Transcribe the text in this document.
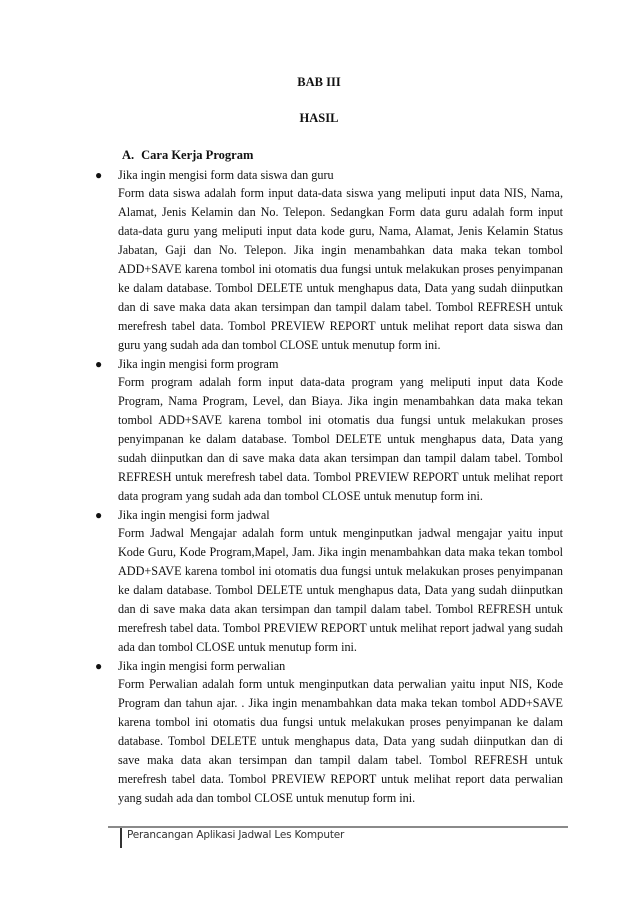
BAB III
HASIL
A. Cara Kerja Program
● Jika ingin mengisi form data siswa dan guru
Form data siswa adalah form input data-data siswa yang meliputi input data NIS, Nama, Alamat, Jenis Kelamin dan No. Telepon. Sedangkan Form data guru adalah form input data-data guru yang meliputi input data kode guru, Nama, Alamat, Jenis Kelamin Status Jabatan, Gaji dan No. Telepon. Jika ingin menambahkan data maka tekan tombol ADD+SAVE karena tombol ini otomatis dua fungsi untuk melakukan proses penyimpanan ke dalam database. Tombol DELETE untuk menghapus data, Data yang sudah diinputkan dan di save maka data akan tersimpan dan tampil dalam tabel. Tombol REFRESH untuk merefresh tabel data. Tombol PREVIEW REPORT untuk melihat report data siswa dan guru yang sudah ada dan tombol CLOSE untuk menutup form ini.
● Jika ingin mengisi form program
Form program adalah form input data-data program yang meliputi input data Kode Program, Nama Program, Level, dan Biaya. Jika ingin menambahkan data maka tekan tombol ADD+SAVE karena tombol ini otomatis dua fungsi untuk melakukan proses penyimpanan ke dalam database. Tombol DELETE untuk menghapus data, Data yang sudah diinputkan dan di save maka data akan tersimpan dan tampil dalam tabel. Tombol REFRESH untuk merefresh tabel data. Tombol PREVIEW REPORT untuk melihat report data program yang sudah ada dan tombol CLOSE untuk menutup form ini.
● Jika ingin mengisi form jadwal
Form Jadwal Mengajar adalah form untuk menginputkan jadwal mengajar yaitu input Kode Guru, Kode Program,Mapel, Jam. Jika ingin menambahkan data maka tekan tombol ADD+SAVE karena tombol ini otomatis dua fungsi untuk melakukan proses penyimpanan ke dalam database. Tombol DELETE untuk menghapus data, Data yang sudah diinputkan dan di save maka data akan tersimpan dan tampil dalam tabel. Tombol REFRESH untuk merefresh tabel data. Tombol PREVIEW REPORT untuk melihat report jadwal yang sudah ada dan tombol CLOSE untuk menutup form ini.
● Jika ingin mengisi form perwalian
Form Perwalian adalah form untuk menginputkan data perwalian yaitu input NIS, Kode Program dan tahun ajar. . Jika ingin menambahkan data maka tekan tombol ADD+SAVE karena tombol ini otomatis dua fungsi untuk melakukan proses penyimpanan ke dalam database. Tombol DELETE untuk menghapus data, Data yang sudah diinputkan dan di save maka data akan tersimpan dan tampil dalam tabel. Tombol REFRESH untuk merefresh tabel data. Tombol PREVIEW REPORT untuk melihat report data perwalian yang sudah ada dan tombol CLOSE untuk menutup form ini.
Perancangan Aplikasi Jadwal Les Komputer
